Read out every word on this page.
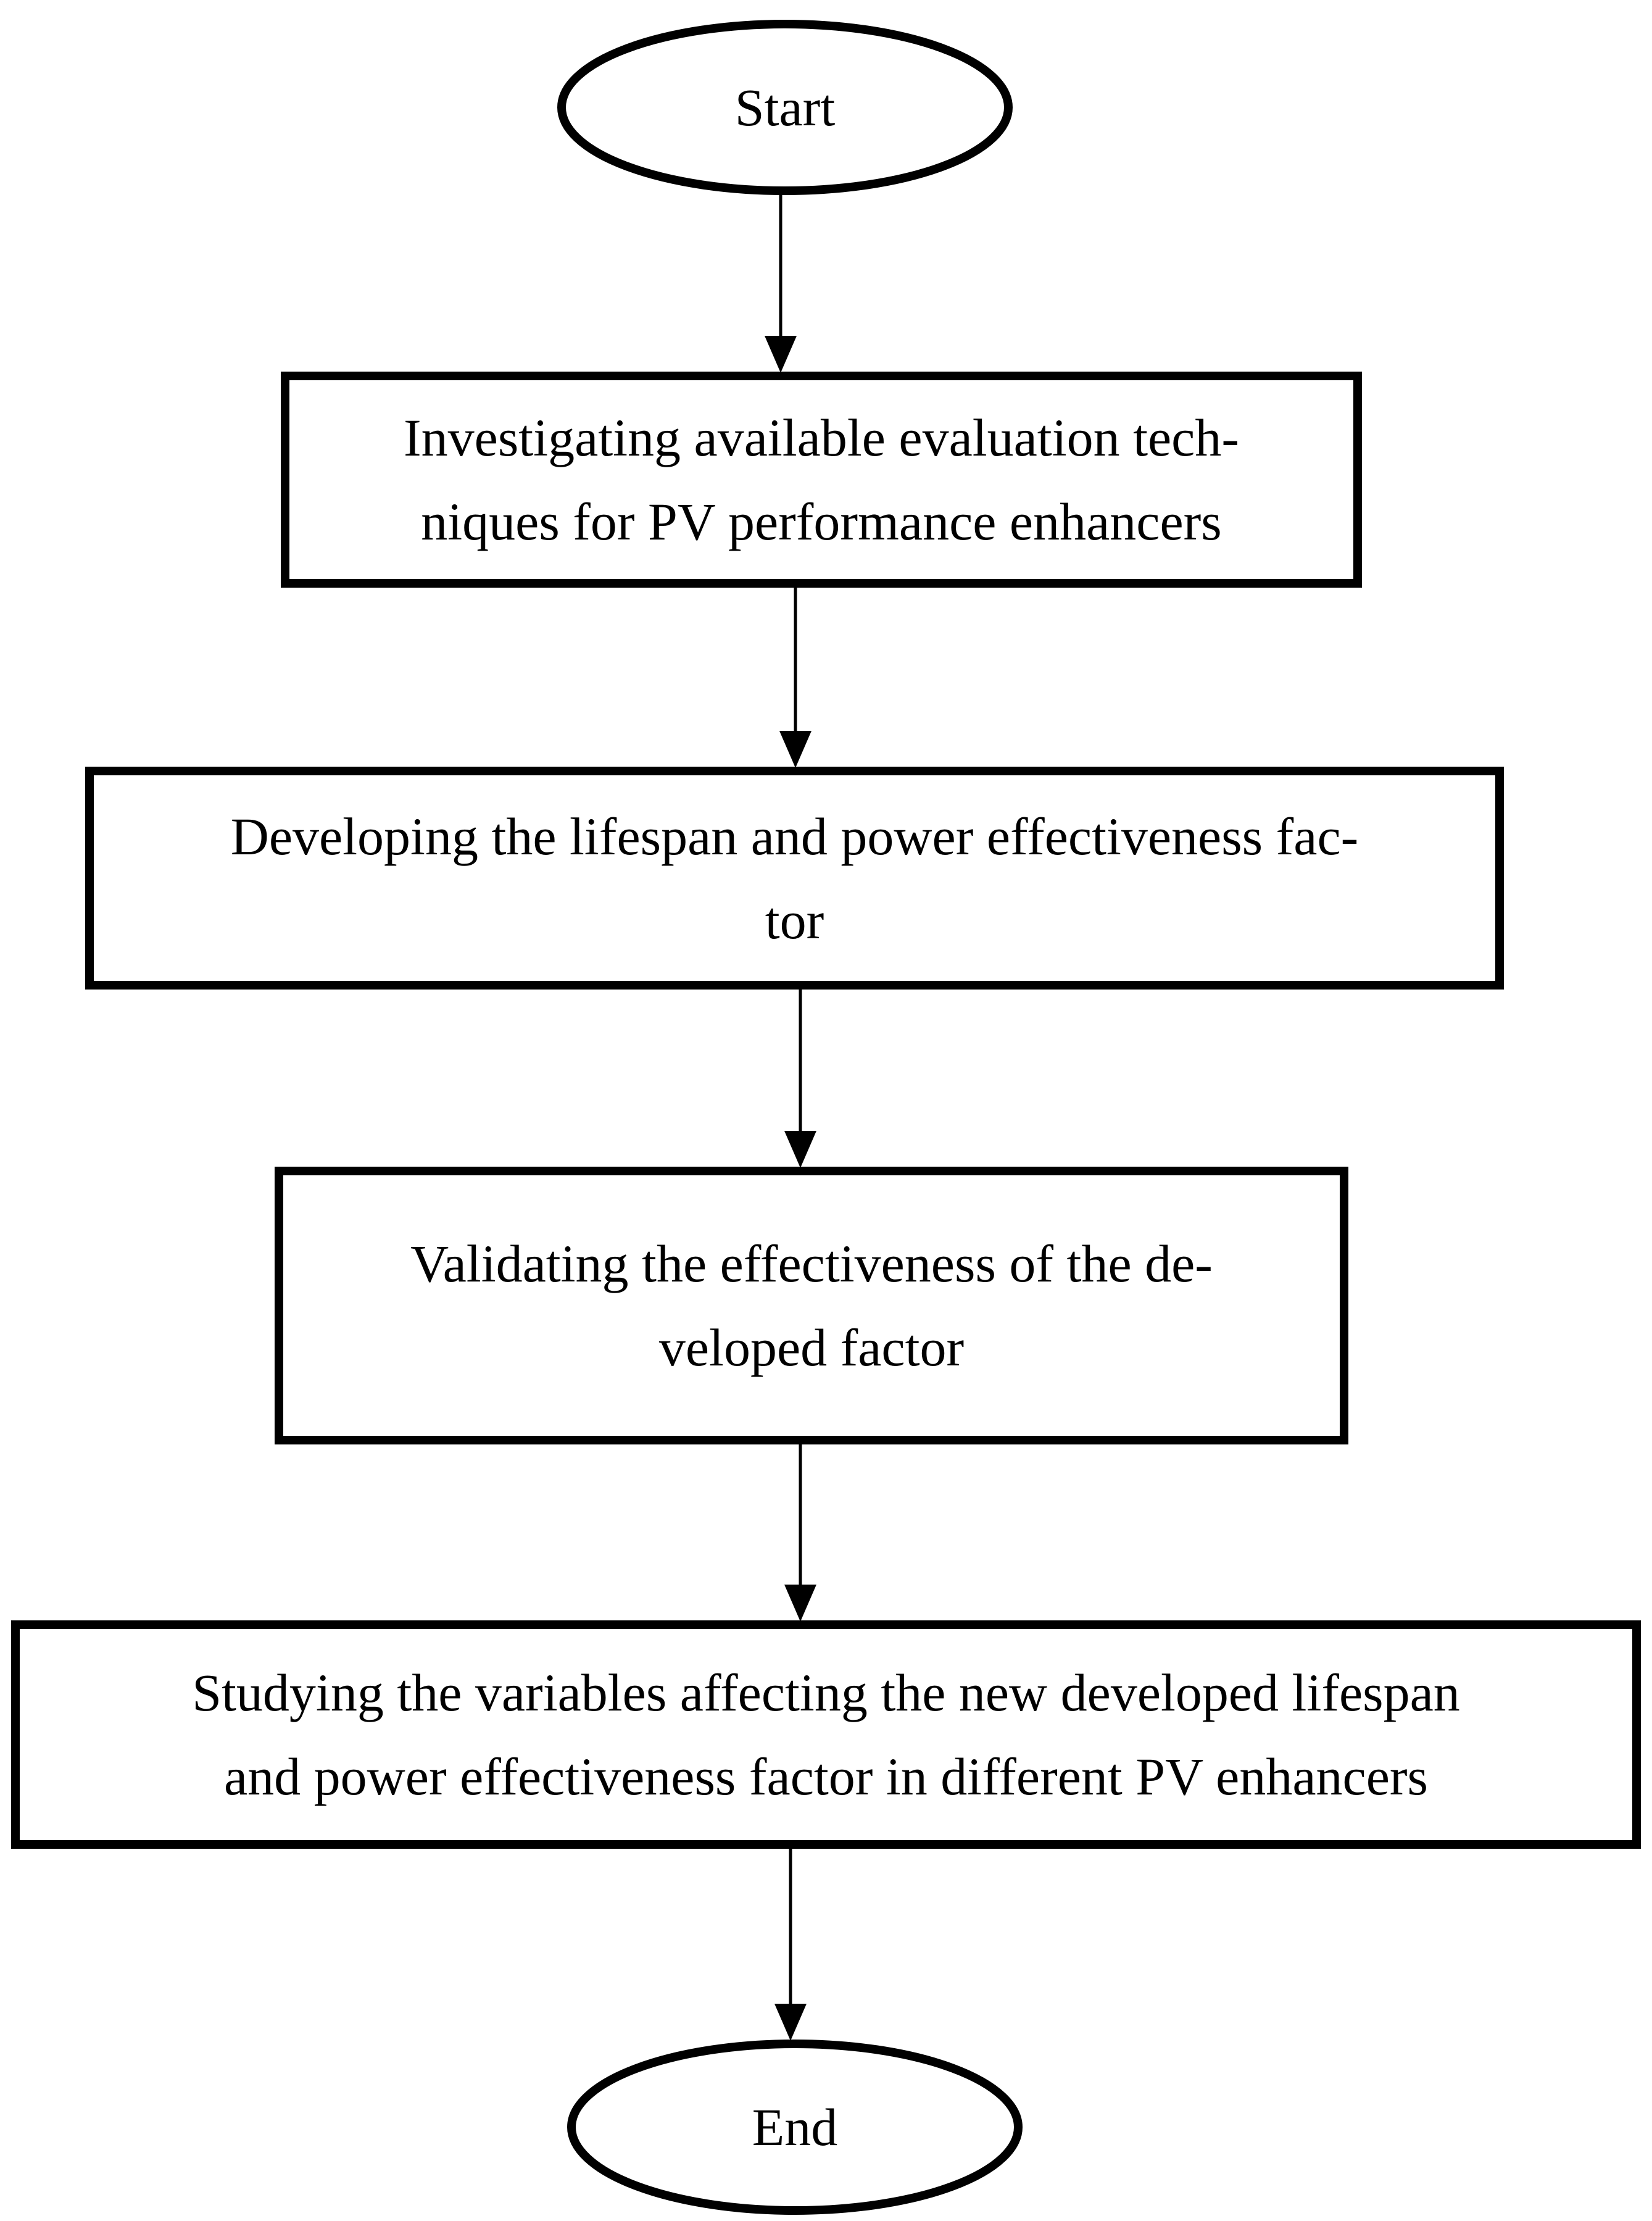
Start
Investigating available evaluation tech-
niques for PV performance enhancers
Developing the lifespan and power effectiveness fac-
tor
Validating the effectiveness of the de-
veloped factor
Studying the variables affecting the new developed lifespan
and power effectiveness factor in different PV enhancers
End
